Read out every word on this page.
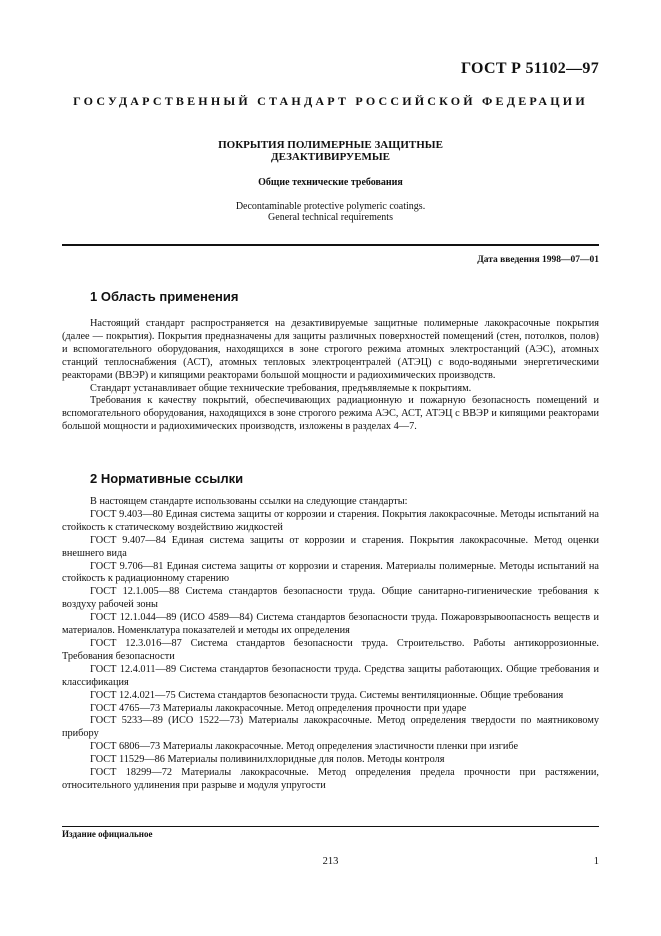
ГОСТ Р 51102—97
ГОСУДАРСТВЕННЫЙ СТАНДАРТ РОССИЙСКОЙ ФЕДЕРАЦИИ
ПОКРЫТИЯ ПОЛИМЕРНЫЕ ЗАЩИТНЫЕ
ДЕЗАКТИВИРУЕМЫЕ
Общие технические требования
Decontaminable protective polymeric coatings.
General technical requirements
Дата введения 1998—07—01
1 Область применения

Настоящий стандарт распространяется на дезактивируемые защитные полимерные лакокрасочные покрытия (далее — покрытия). Покрытия предназначены для защиты различных поверхностей помещений (стен, потолков, полов) и вспомогательного оборудования, находящихся в зоне строгого режима атомных электростанций (АЭС), атомных станций теплоснабжения (АСТ), атомных тепловых электроцентралей (АТЭЦ) с водо-водяными энергетическими реакторами (ВВЭР) и кипящими реакторами большой мощности и радиохимических производств.

Стандарт устанавливает общие технические требования, предъявляемые к покрытиям.

Требования к качеству покрытий, обеспечивающих радиационную и пожарную безопасность помещений и вспомогательного оборудования, находящихся в зоне строгого режима АЭС, АСТ, АТЭЦ с ВВЭР и кипящими реакторами большой мощности и радиохимических производств, изложены в разделах 4—7.

2 Нормативные ссылки

В настоящем стандарте использованы ссылки на следующие стандарты:

ГОСТ 9.403—80 Единая система защиты от коррозии и старения. Покрытия лакокрасочные. Методы испытаний на стойкость к статическому воздействию жидкостей

ГОСТ 9.407—84 Единая система защиты от коррозии и старения. Покрытия лакокрасочные. Метод оценки внешнего вида

ГОСТ 9.706—81 Единая система защиты от коррозии и старения. Материалы полимерные. Методы испытаний на стойкость к радиационному старению

ГОСТ 12.1.005—88 Система стандартов безопасности труда. Общие санитарно-гигиенические требования к воздуху рабочей зоны

ГОСТ 12.1.044—89 (ИСО 4589—84) Система стандартов безопасности труда. Пожаровзрывоопасность веществ и материалов. Номенклатура показателей и методы их определения

ГОСТ 12.3.016—87 Система стандартов безопасности труда. Строительство. Работы антикоррозионные. Требования безопасности

ГОСТ 12.4.011—89 Система стандартов безопасности труда. Средства защиты работающих. Общие требования и классификация

ГОСТ 12.4.021—75 Система стандартов безопасности труда. Системы вентиляционные. Общие требования

ГОСТ 4765—73 Материалы лакокрасочные. Метод определения прочности при ударе

ГОСТ 5233—89 (ИСО 1522—73) Материалы лакокрасочные. Метод определения твердости по маятниковому прибору

ГОСТ 6806—73 Материалы лакокрасочные. Метод определения эластичности пленки при изгибе

ГОСТ 11529—86 Материалы поливинилхлоридные для полов. Методы контроля

ГОСТ 18299—72 Материалы лакокрасочные. Метод определения предела прочности при растяжении, относительного удлинения при разрыве и модуля упругости

Издание официальное
213	1
